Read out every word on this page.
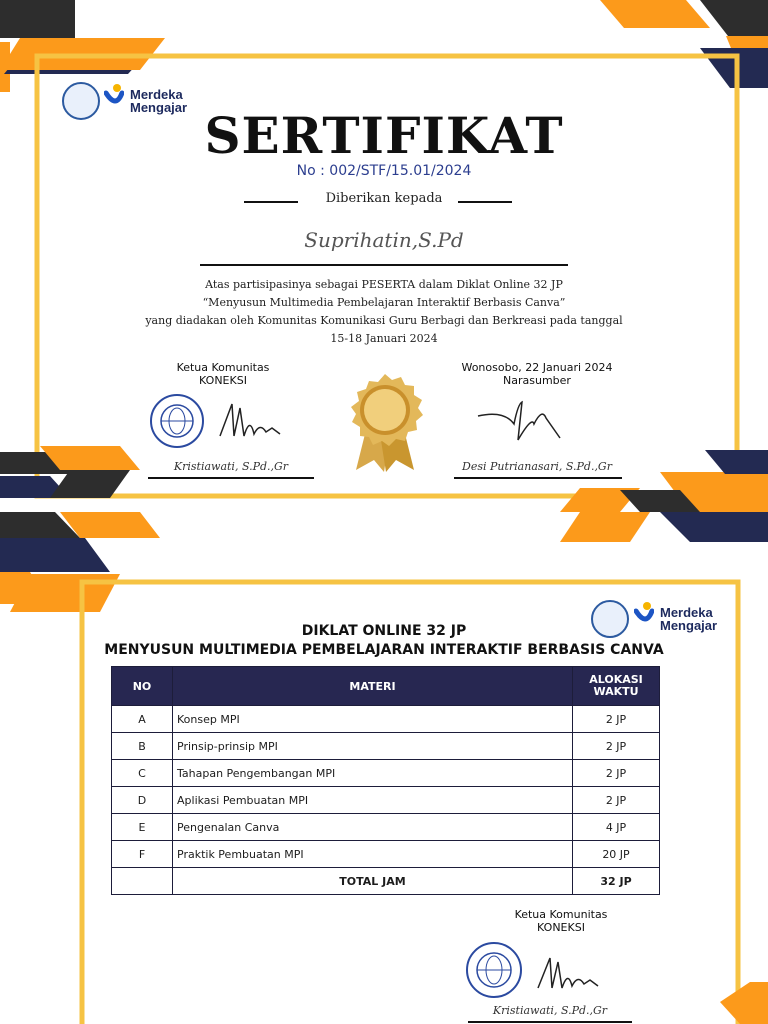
Merdeka
Mengajar SERTIFIKAT
No : 002/STF/15.01/2024
Diberikan kepada
Suprihatin,S.Pd
Atas partisipasinya sebagai PESERTA dalam Diklat Online 32 JP
“Menyusun Multimedia Pembelajaran Interaktif Berbasis Canva”
yang diadakan oleh Komunitas Komunikasi Guru Berbagi dan Berkreasi pada tanggal
15-18 Januari 2024
Ketua Komunitas
KONEKSI
Kristiawati, S.Pd.,Gr
Wonosobo, 22 Januari 2024
Narasumber
Desi Putrianasari, S.Pd.,Gr
Merdeka
Mengajar
DIKLAT ONLINE 32 JP
MENYUSUN MULTIMEDIA PEMBELAJARAN INTERAKTIF BERBASIS CANVA
NO	MATERI	ALOKASI
WAKTU

A	Konsep MPI	2 JP
B	Prinsip-prinsip MPI	2 JP
C	Tahapan Pengembangan MPI	2 JP
D	Aplikasi Pembuatan MPI	2 JP
E	Pengenalan Canva	4 JP
F	Praktik Pembuatan MPI	20 JP
	TOTAL JAM	32 JP
Ketua Komunitas
KONEKSI
Kristiawati, S.Pd.,Gr
